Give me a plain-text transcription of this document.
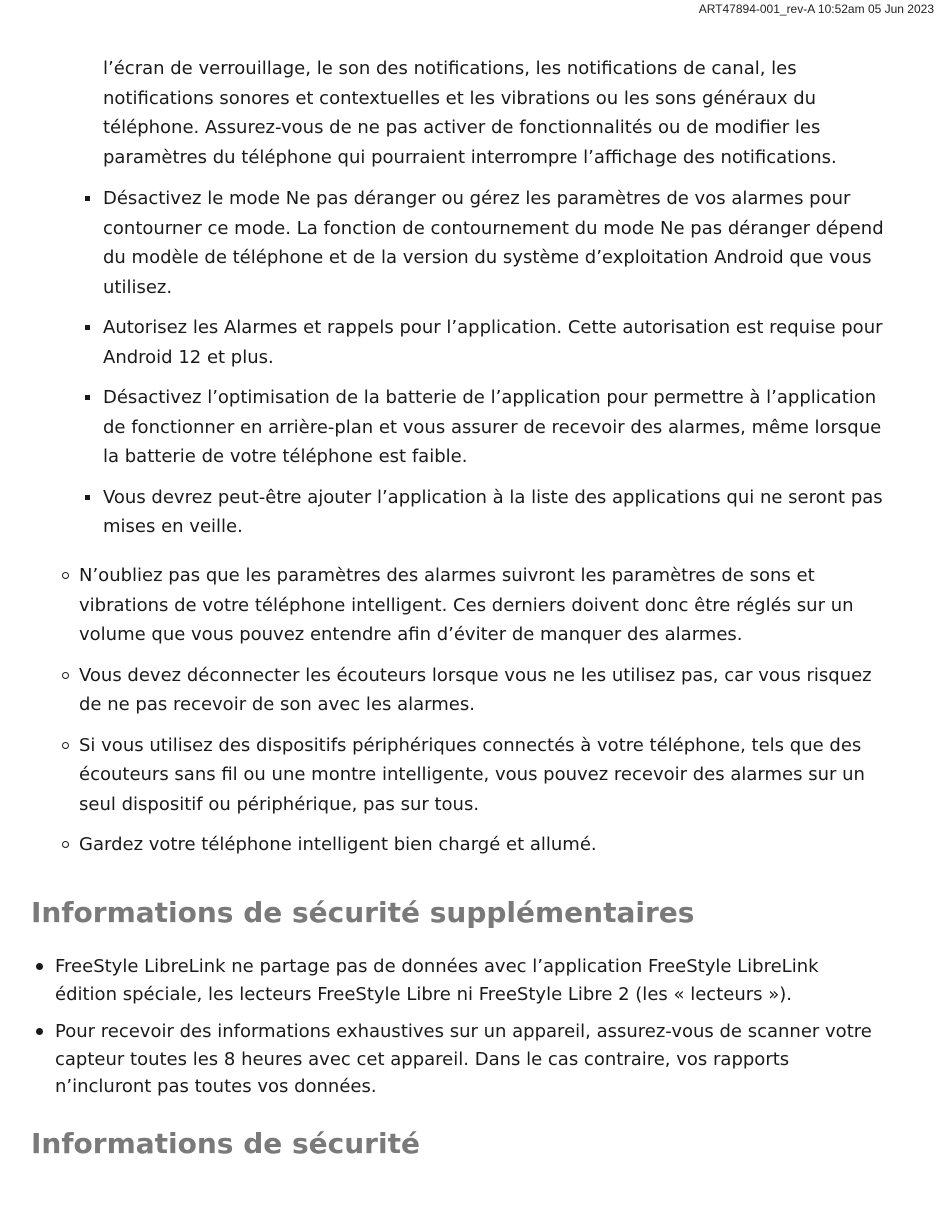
ART47894-001_rev-A 10:52am 05 Jun 2023

l’écran de verrouillage, le son des notifications, les notifications de canal, les notifications sonores et contextuelles et les vibrations ou les sons généraux du téléphone. Assurez-vous de ne pas activer de fonctionnalités ou de modifier les paramètres du téléphone qui pourraient interrompre l’affichage des notifications.

Désactivez le mode Ne pas déranger ou gérez les paramètres de vos alarmes pour contourner ce mode. La fonction de contournement du mode Ne pas déranger dépend du modèle de téléphone et de la version du système d’exploitation Android que vous utilisez.
Autorisez les Alarmes et rappels pour l’application. Cette autorisation est requise pour Android 12 et plus.
Désactivez l’optimisation de la batterie de l’application pour permettre à l’application de fonctionner en arrière-plan et vous assurer de recevoir des alarmes, même lorsque la batterie de votre téléphone est faible.
Vous devrez peut-être ajouter l’application à la liste des applications qui ne seront pas mises en veille.
N’oubliez pas que les paramètres des alarmes suivront les paramètres de sons et vibrations de votre téléphone intelligent. Ces derniers doivent donc être réglés sur un volume que vous pouvez entendre afin d’éviter de manquer des alarmes.
Vous devez déconnecter les écouteurs lorsque vous ne les utilisez pas, car vous risquez de ne pas recevoir de son avec les alarmes.
Si vous utilisez des dispositifs périphériques connectés à votre téléphone, tels que des écouteurs sans fil ou une montre intelligente, vous pouvez recevoir des alarmes sur un seul dispositif ou périphérique, pas sur tous.
Gardez votre téléphone intelligent bien chargé et allumé.
Informations de sécurité supplémentaires
FreeStyle LibreLink ne partage pas de données avec l’application FreeStyle LibreLink édition spéciale, les lecteurs FreeStyle Libre ni FreeStyle Libre 2 (les « lecteurs »).
Pour recevoir des informations exhaustives sur un appareil, assurez-vous de scanner votre capteur toutes les 8 heures avec cet appareil. Dans le cas contraire, vos rapports n’incluront pas toutes vos données.
Informations de sécurité
